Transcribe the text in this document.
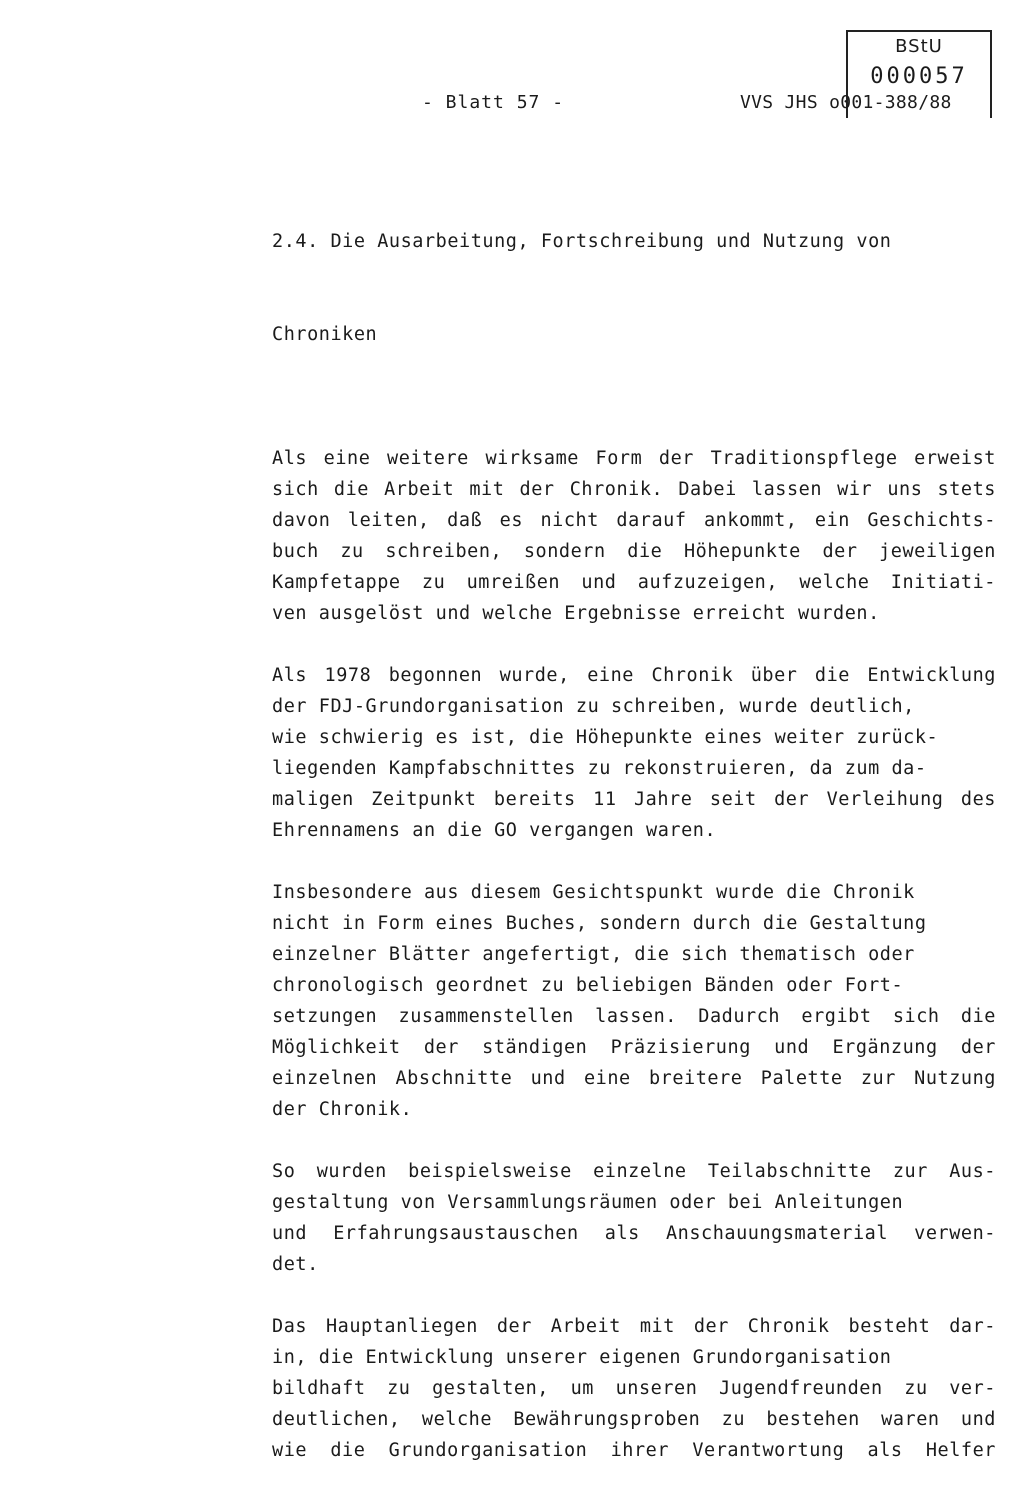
BStU
000057
- Blatt 57 -	VVS JHS o001-388/88

2.4. Die Ausarbeitung, Fortschreibung und Nutzung von

Chroniken

Als eine weitere wirksame Form der Traditionspflege erweist
sich die Arbeit mit der Chronik. Dabei lassen wir uns stets
davon leiten, daß es nicht darauf ankommt, ein Geschichts-
buch zu schreiben, sondern die Höhepunkte der jeweiligen
Kampfetappe zu umreißen und aufzuzeigen, welche Initiati-
ven ausgelöst und welche Ergebnisse erreicht wurden.
Als 1978 begonnen wurde, eine Chronik über die Entwicklung
der FDJ-Grundorganisation zu schreiben, wurde deutlich,
wie schwierig es ist, die Höhepunkte eines weiter zurück-
liegenden Kampfabschnittes zu rekonstruieren, da zum da-
maligen Zeitpunkt bereits 11 Jahre seit der Verleihung des
Ehrennamens an die GO vergangen waren.
Insbesondere aus diesem Gesichtspunkt wurde die Chronik
nicht in Form eines Buches, sondern durch die Gestaltung
einzelner Blätter angefertigt, die sich thematisch oder
chronologisch geordnet zu beliebigen Bänden oder Fort-
setzungen zusammenstellen lassen. Dadurch ergibt sich die
Möglichkeit der ständigen Präzisierung und Ergänzung der
einzelnen Abschnitte und eine breitere Palette zur Nutzung
der Chronik.
So wurden beispielsweise einzelne Teilabschnitte zur Aus-
gestaltung von Versammlungsräumen oder bei Anleitungen
und Erfahrungsaustauschen als Anschauungsmaterial verwen-
det.
Das Hauptanliegen der Arbeit mit der Chronik besteht dar-
in, die Entwicklung unserer eigenen Grundorganisation
bildhaft zu gestalten, um unseren Jugendfreunden zu ver-
deutlichen, welche Bewährungsproben zu bestehen waren und
wie die Grundorganisation ihrer Verantwortung als Helfer
